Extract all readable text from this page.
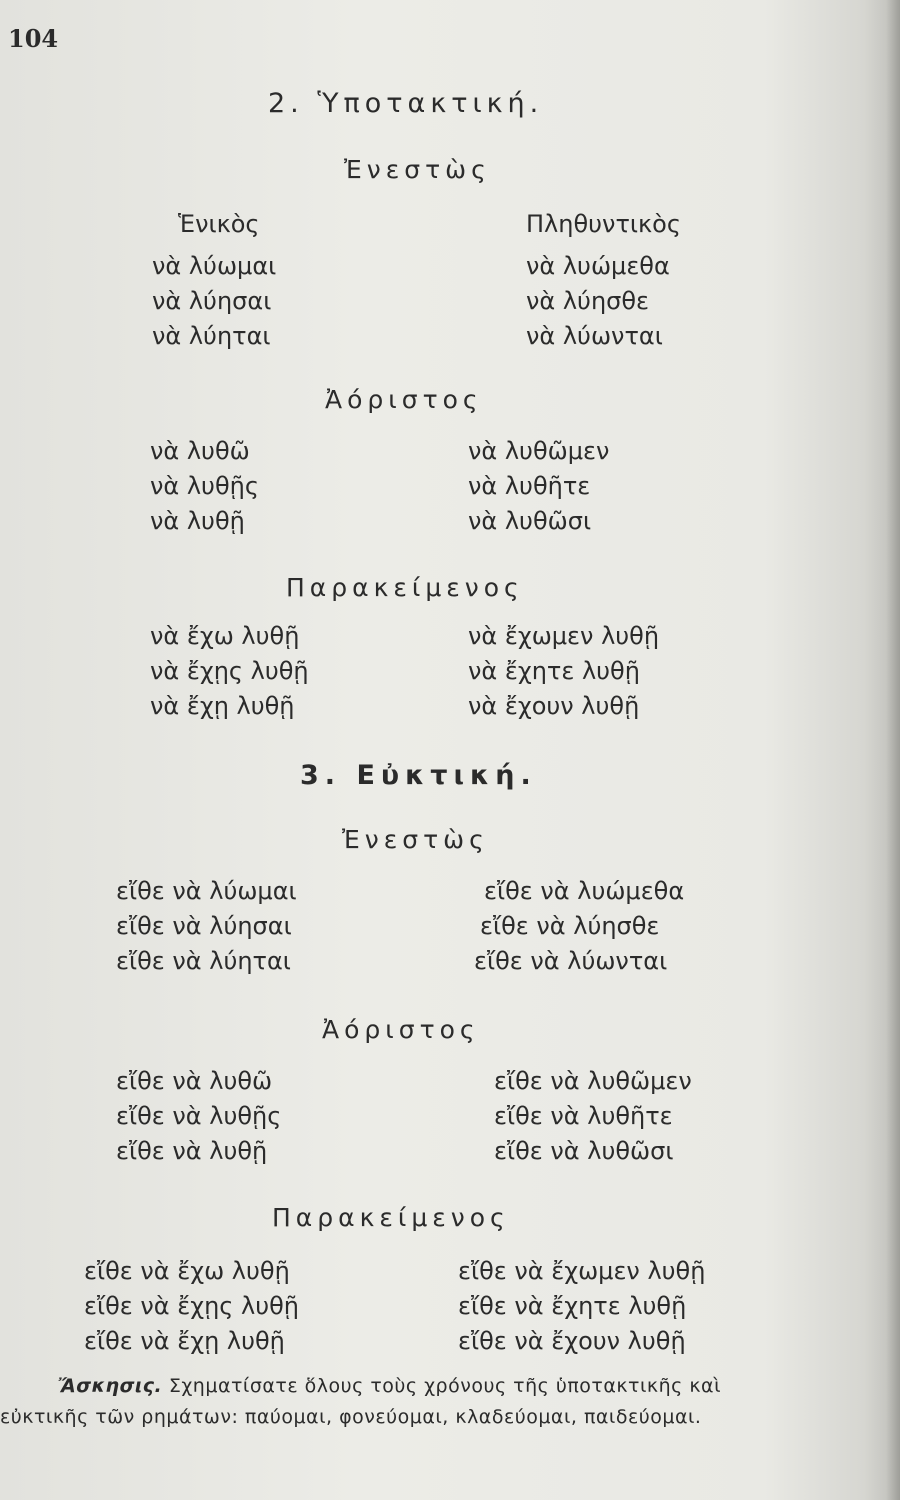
104
2. Ὑποτακτική.
Ἐνεστὼς
Ἑνικὸς	Πληθυντικὸς
νὰ λύωμαι
νὰ λύησαι
νὰ λύηται
νὰ λυώμεθα
νὰ λύησθε
νὰ λύωνται
Ἀόριστος
νὰ λυθῶ
νὰ λυθῇς
νὰ λυθῇ
νὰ λυθῶμεν
νὰ λυθῆτε
νὰ λυθῶσι
Παρακείμενος
νὰ ἔχω λυθῇ
νὰ ἔχῃς λυθῇ
νὰ ἔχῃ λυθῇ
νὰ ἔχωμεν λυθῇ
νὰ ἔχητε λυθῇ
νὰ ἔχουν λυθῇ
3. Εὐκτική.
Ἐνεστὼς
εἴθε νὰ λύωμαι
εἴθε νὰ λύησαι
εἴθε νὰ λύηται
εἴθε νὰ λυώμεθα
εἴθε νὰ λύησθε
εἴθε νὰ λύωνται
Ἀόριστος
εἴθε νὰ λυθῶ
εἴθε νὰ λυθῇς
εἴθε νὰ λυθῇ
εἴθε νὰ λυθῶμεν
εἴθε νὰ λυθῆτε
εἴθε νὰ λυθῶσι
Παρακείμενος
εἴθε νὰ ἔχω λυθῇ
εἴθε νὰ ἔχῃς λυθῇ
εἴθε νὰ ἔχῃ λυθῇ
εἴθε νὰ ἔχωμεν λυθῇ
εἴθε νὰ ἔχητε λυθῇ
εἴθε νὰ ἔχουν λυθῇ

Ἄσκησις. Σχηματίσατε ὅλους τοὺς χρόνους τῆς ὑποτακτικῆς καὶ

εὐκτικῆς τῶν ρημάτων: παύομαι, φονεύομαι, κλαδεύομαι, παιδεύομαι.
